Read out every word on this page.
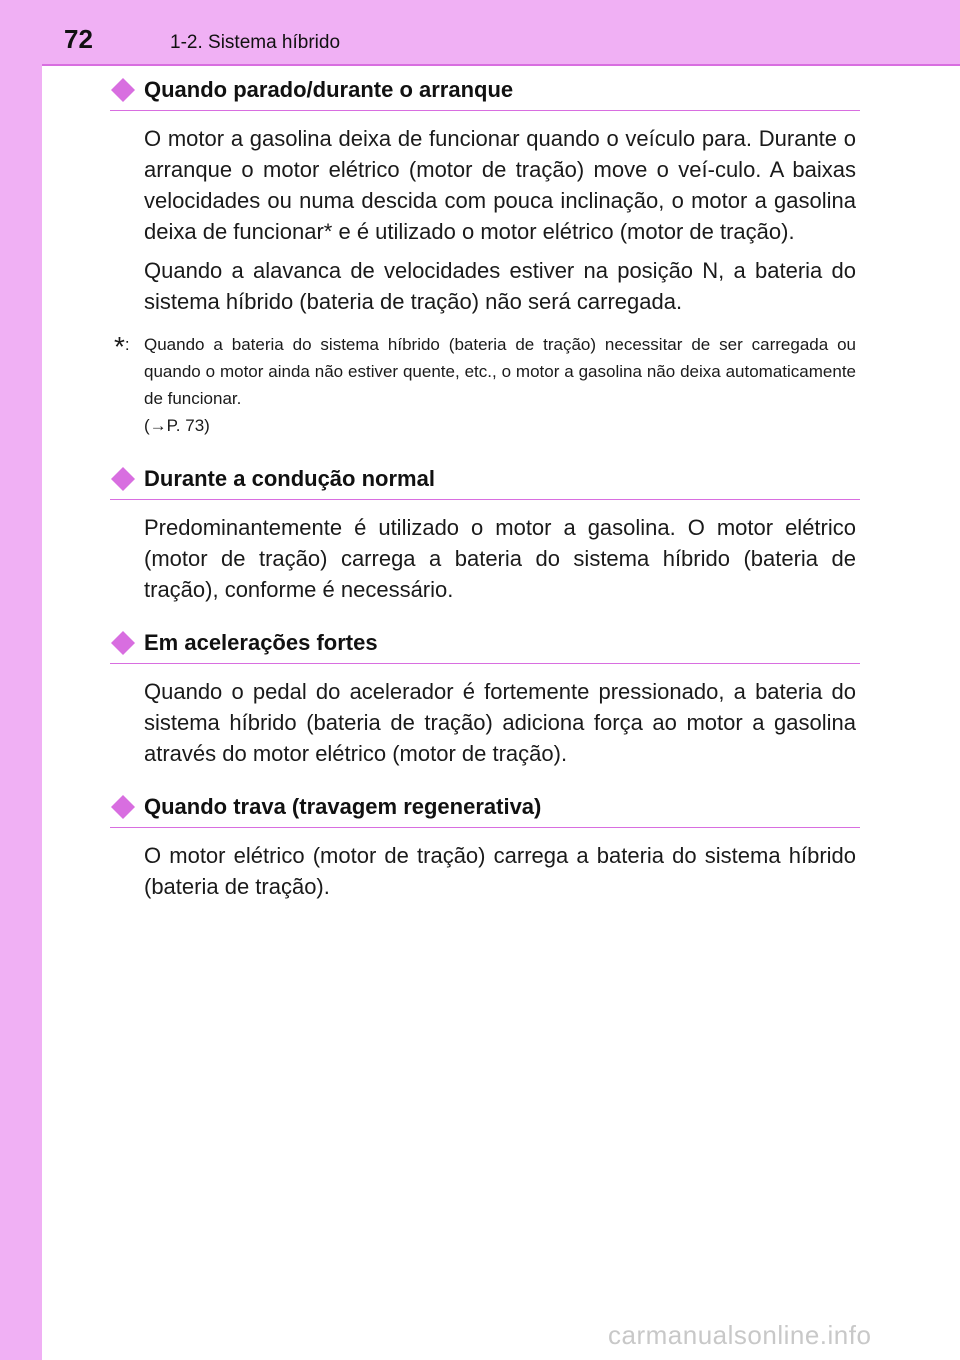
72	1-2. Sistema híbrido
Quando parado/durante o arranque

O motor a gasolina deixa de funcionar quando o veículo para. Durante o arranque o motor elétrico (motor de tração) move o veí-culo. A baixas velocidades ou numa descida com pouca inclinação, o motor a gasolina deixa de funcionar* e é utilizado o motor elétrico (motor de tração).

Quando a alavanca de velocidades estiver na posição N, a bateria do sistema híbrido (bateria de tração) não será carregada.

*: Quando a bateria do sistema híbrido (bateria de tração) necessitar de ser carregada ou quando o motor ainda não estiver quente, etc., o motor a gasolina não deixa automaticamente de funcionar.
(→P. 73)
Durante a condução normal

Predominantemente é utilizado o motor a gasolina. O motor elétrico (motor de tração) carrega a bateria do sistema híbrido (bateria de tração), conforme é necessário.

Em acelerações fortes

Quando o pedal do acelerador é fortemente pressionado, a bateria do sistema híbrido (bateria de tração) adiciona força ao motor a gasolina através do motor elétrico (motor de tração).

Quando trava (travagem regenerativa)

O motor elétrico (motor de tração) carrega a bateria do sistema híbrido (bateria de tração).

carmanualsonline.info
